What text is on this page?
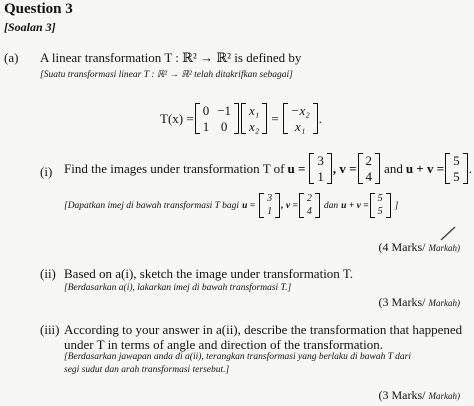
Question 3
[Soalan 3]
(a) A linear transformation T : ℝ² → ℝ² is defined by
[Suatu transformasi linear T : ℝ² → ℝ² telah ditakrifkan sebagai]
T(x) =
0 −1
1 0
x₁
x₂
=
−x₂
x₁
.
(i) Find the images under transformation T of u =
3
1
, v =
2
4
and u + v =
5
5
.
[Dapatkan imej di bawah transformasi T bagi u =
3
1 , v =
2
4	dan u + v =
5
5	]
(4 Marks/ Markah)
(ii) Based on a(i), sketch the image under transformation T.
[Berdasarkan a(i), lakarkan imej di bawah transformasi T.]
(3 Marks/ Markah)
(iii) According to your answer in a(ii), describe the transformation that happened
under T in terms of angle and direction of the transformation.
[Berdasarkan jawapan anda di a(ii), terangkan transformasi yang berlaku di bawah T dari
segi sudut dan arah transformasi tersebut.]
(3 Marks/ Markah)
